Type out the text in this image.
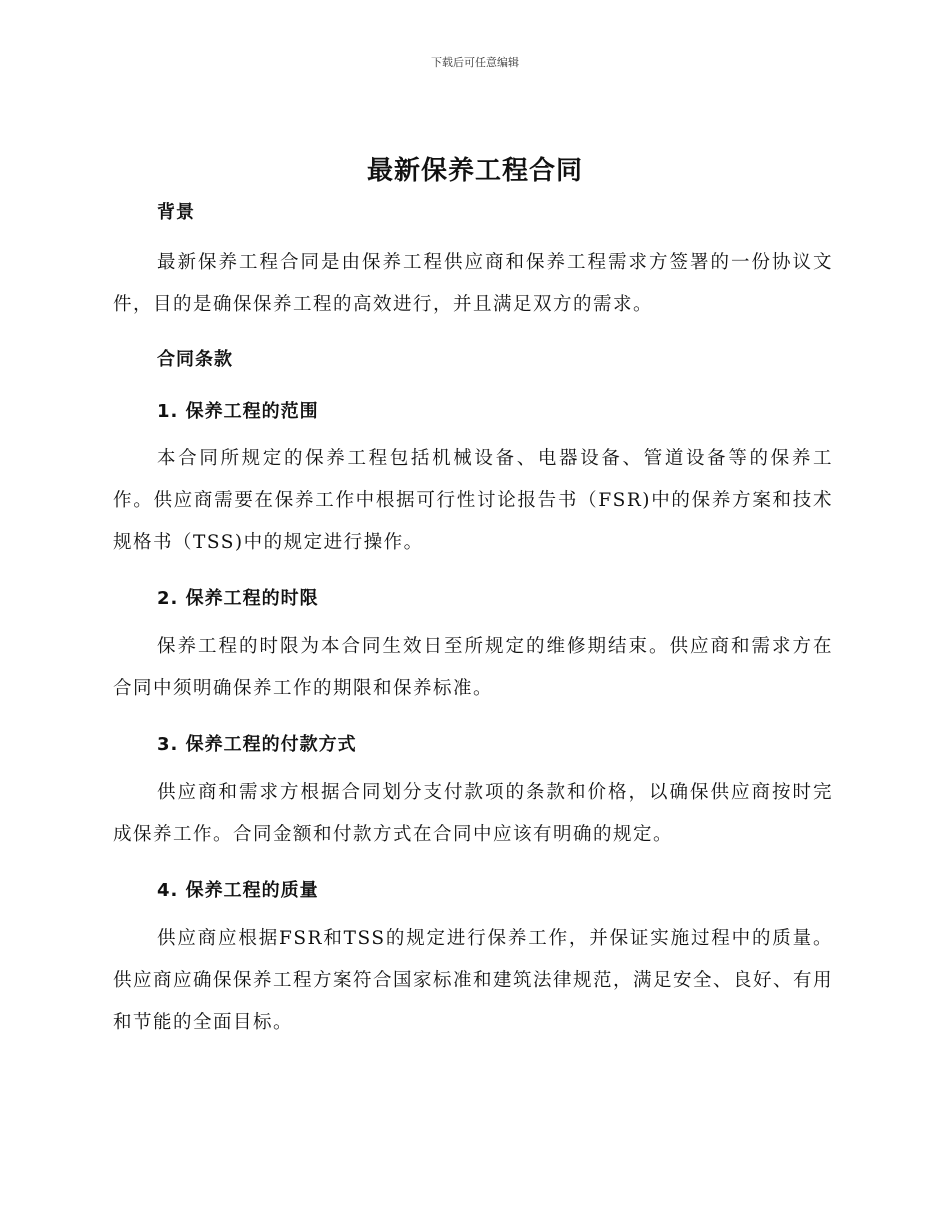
下载后可任意编辑
最新保养工程合同
背景
最新保养工程合同是由保养工程供应商和保养工程需求方签署的一份协议文件，目的是确保保养工程的高效进行，并且满足双方的需求。
合同条款
1. 保养工程的范围
本合同所规定的保养工程包括机械设备、电器设备、管道设备等的保养工作。供应商需要在保养工作中根据可行性讨论报告书（FSR)中的保养方案和技术规格书（TSS)中的规定进行操作。
2. 保养工程的时限
保养工程的时限为本合同生效日至所规定的维修期结束。供应商和需求方在合同中须明确保养工作的期限和保养标准。
3. 保养工程的付款方式
供应商和需求方根据合同划分支付款项的条款和价格，以确保供应商按时完成保养工作。合同金额和付款方式在合同中应该有明确的规定。
4. 保养工程的质量
供应商应根据FSR和TSS的规定进行保养工作，并保证实施过程中的质量。供应商应确保保养工程方案符合国家标准和建筑法律规范，满足安全、良好、有用和节能的全面目标。
